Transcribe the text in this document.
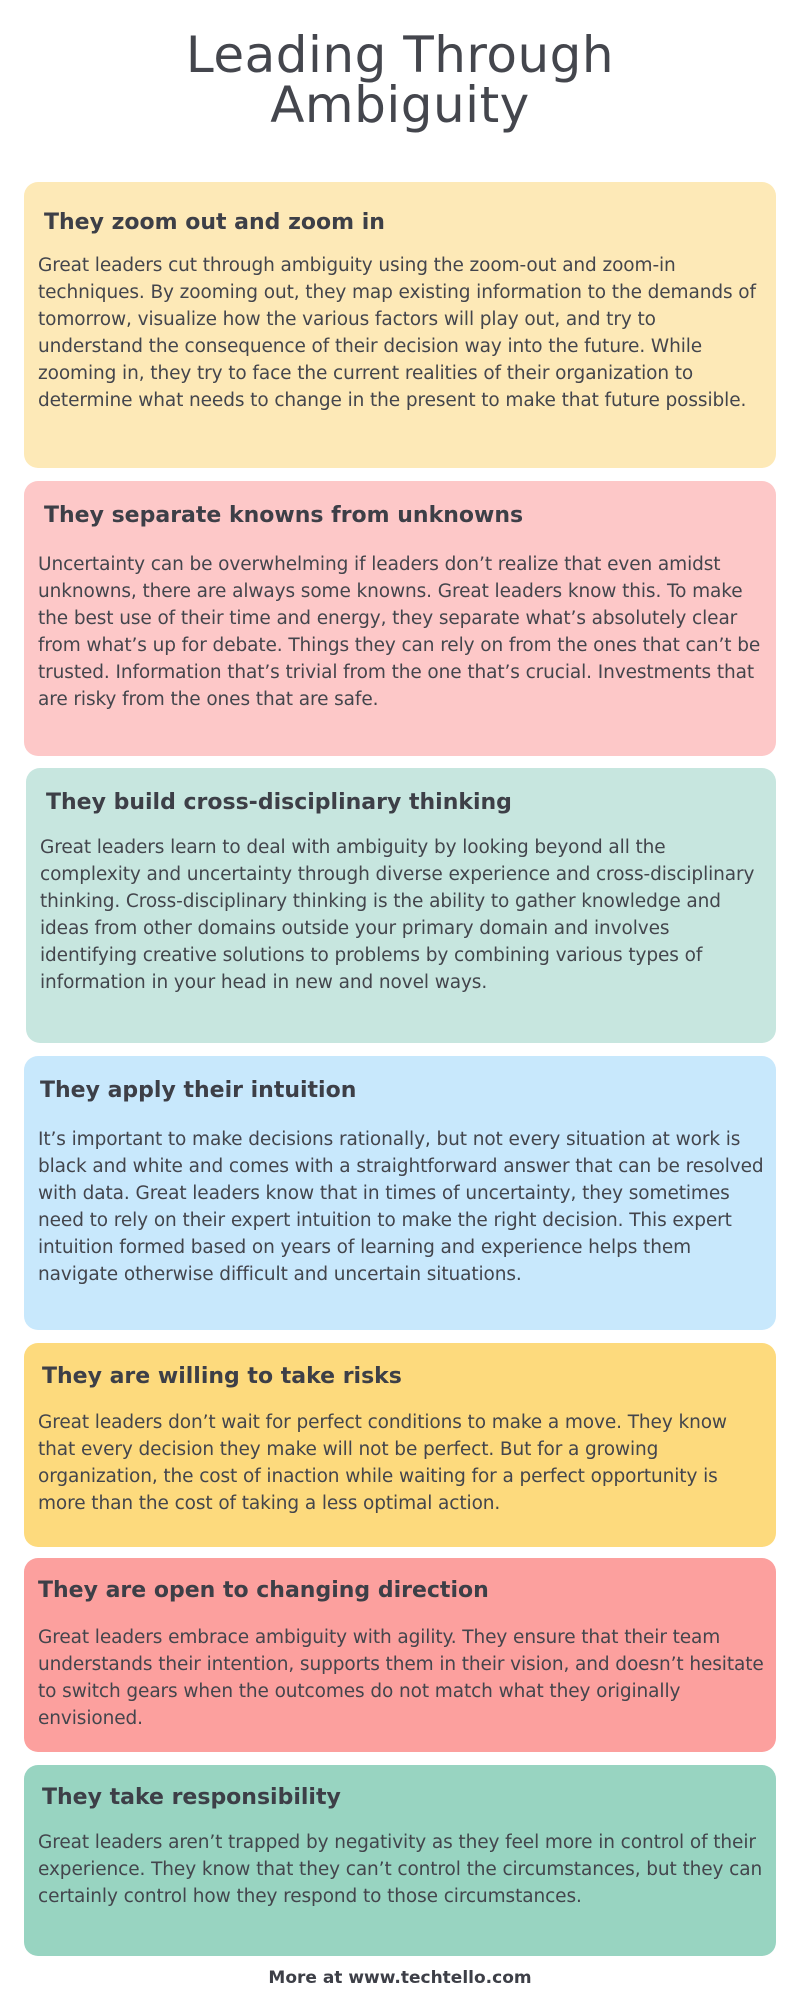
Leading Through
Ambiguity
They zoom out and zoom in

Great leaders cut through ambiguity using the zoom-out and zoom-in techniques. By zooming out, they map existing information to the demands of tomorrow, visualize how the various factors will play out, and try to understand the consequence of their decision way into the future. While zooming in, they try to face the current realities of their organization to determine what needs to change in the present to make that future possible.

They separate knowns from unknowns

Uncertainty can be overwhelming if leaders don’t realize that even amidst unknowns, there are always some knowns. Great leaders know this. To make the best use of their time and energy, they separate what’s absolutely clear from what’s up for debate. Things they can rely on from the ones that can’t be trusted. Information that’s trivial from the one that’s crucial. Investments that are risky from the ones that are safe.

They build cross-disciplinary thinking

Great leaders learn to deal with ambiguity by looking beyond all the complexity and uncertainty through diverse experience and cross-disciplinary thinking. Cross-disciplinary thinking is the ability to gather knowledge and ideas from other domains outside your primary domain and involves identifying creative solutions to problems by combining various types of information in your head in new and novel ways.

They apply their intuition

It’s important to make decisions rationally, but not every situation at work is black and white and comes with a straightforward answer that can be resolved with data. Great leaders know that in times of uncertainty, they sometimes need to rely on their expert intuition to make the right decision. This expert intuition formed based on years of learning and experience helps them navigate otherwise difficult and uncertain situations.

They are willing to take risks

Great leaders don’t wait for perfect conditions to make a move. They know that every decision they make will not be perfect. But for a growing organization, the cost of inaction while waiting for a perfect opportunity is more than the cost of taking a less optimal action.

They are open to changing direction

Great leaders embrace ambiguity with agility. They ensure that their team understands their intention, supports them in their vision, and doesn’t hesitate to switch gears when the outcomes do not match what they originally envisioned.

They take responsibility

Great leaders aren’t trapped by negativity as they feel more in control of their experience. They know that they can’t control the circumstances, but they can certainly control how they respond to those circumstances.

More at www.techtello.com
